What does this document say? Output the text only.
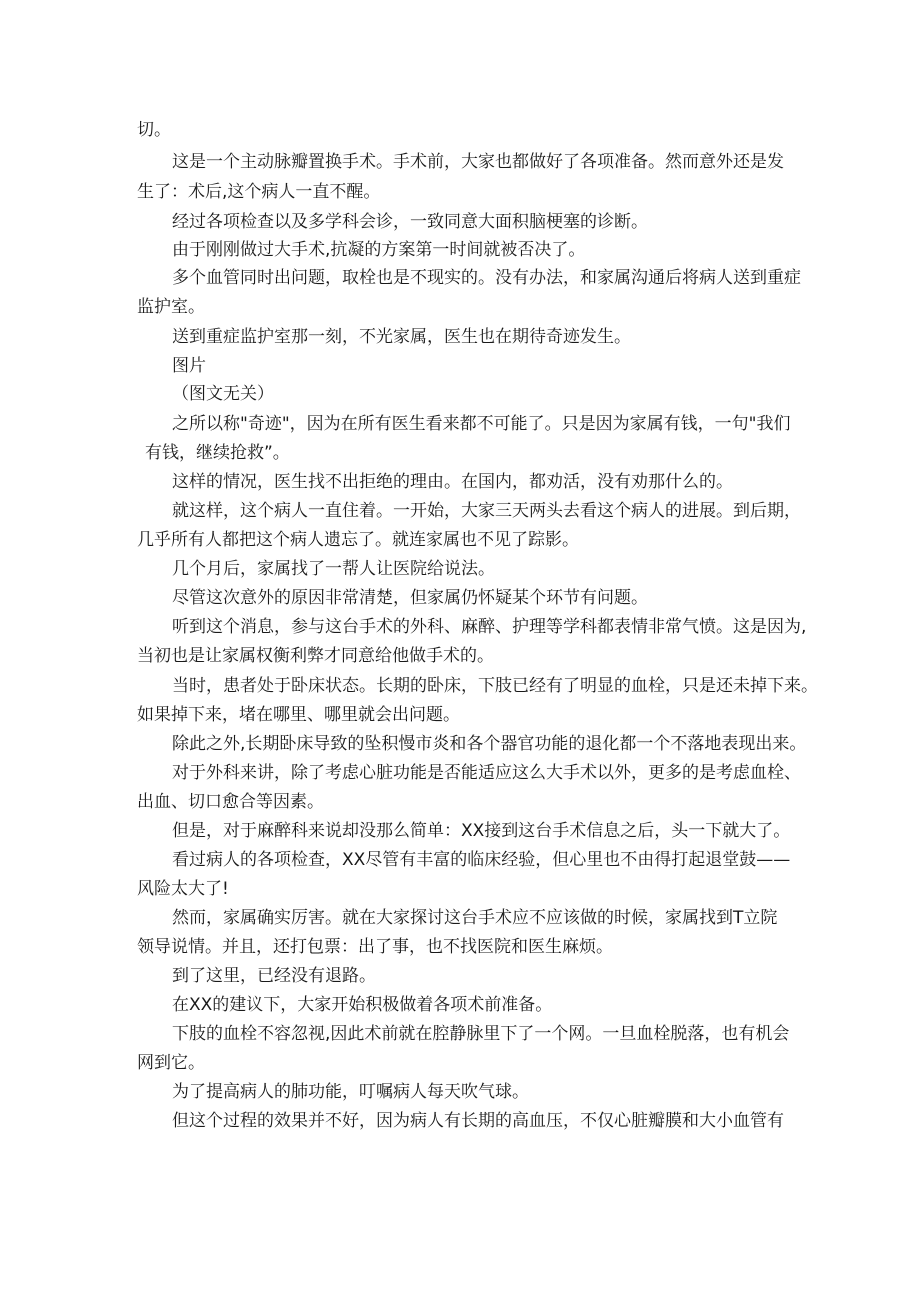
切。

这是一个主动脉瓣置换手术。手术前，大家也都做好了各项准备。然而意外还是发

生了：术后,这个病人一直不醒。

经过各项检查以及多学科会诊，一致同意大面积脑梗塞的诊断。

由于刚刚做过大手术,抗凝的方案第一时间就被否决了。

多个血管同时出问题，取栓也是不现实的。没有办法，和家属沟通后将病人送到重症

监护室。

送到重症监护室那一刻，不光家属，医生也在期待奇迹发生。

图片

（图文无关）

之所以称"奇迹"，因为在所有医生看来都不可能了。只是因为家属有钱，一句"我们

有钱，继续抢救”。

这样的情况，医生找不出拒绝的理由。在国内，都劝活，没有劝那什么的。

就这样，这个病人一直住着。一开始，大家三天两头去看这个病人的进展。到后期，

几乎所有人都把这个病人遗忘了。就连家属也不见了踪影。

几个月后，家属找了一帮人让医院给说法。

尽管这次意外的原因非常清楚，但家属仍怀疑某个环节有问题。

听到这个消息，参与这台手术的外科、麻醉、护理等学科都表情非常气愤。这是因为,

当初也是让家属权衡利弊才同意给他做手术的。

当时，患者处于卧床状态。长期的卧床，下肢已经有了明显的血栓，只是还未掉下来。

如果掉下来，堵在哪里、哪里就会出问题。

除此之外,长期卧床导致的坠积慢市炎和各个器官功能的退化都一个不落地表现出来。

对于外科来讲，除了考虑心脏功能是否能适应这么大手术以外，更多的是考虑血栓、

出血、切口愈合等因素。

但是，对于麻醉科来说却没那么简单：XX接到这台手术信息之后，头一下就大了。

看过病人的各项检查，XX尽管有丰富的临床经验，但心里也不由得打起退堂鼓——

风险太大了!

然而，家属确实厉害。就在大家探讨这台手术应不应该做的时候，家属找到T立院

领导说情。并且，还打包票：出了事，也不找医院和医生麻烦。

到了这里，已经没有退路。

在XX的建议下，大家开始积极做着各项术前准备。

下肢的血栓不容忽视,因此术前就在腔静脉里下了一个网。一旦血栓脱落，也有机会

网到它。

为了提高病人的肺功能，叮嘱病人每天吹气球。

但这个过程的效果并不好，因为病人有长期的高血压，不仅心脏瓣膜和大小血管有
